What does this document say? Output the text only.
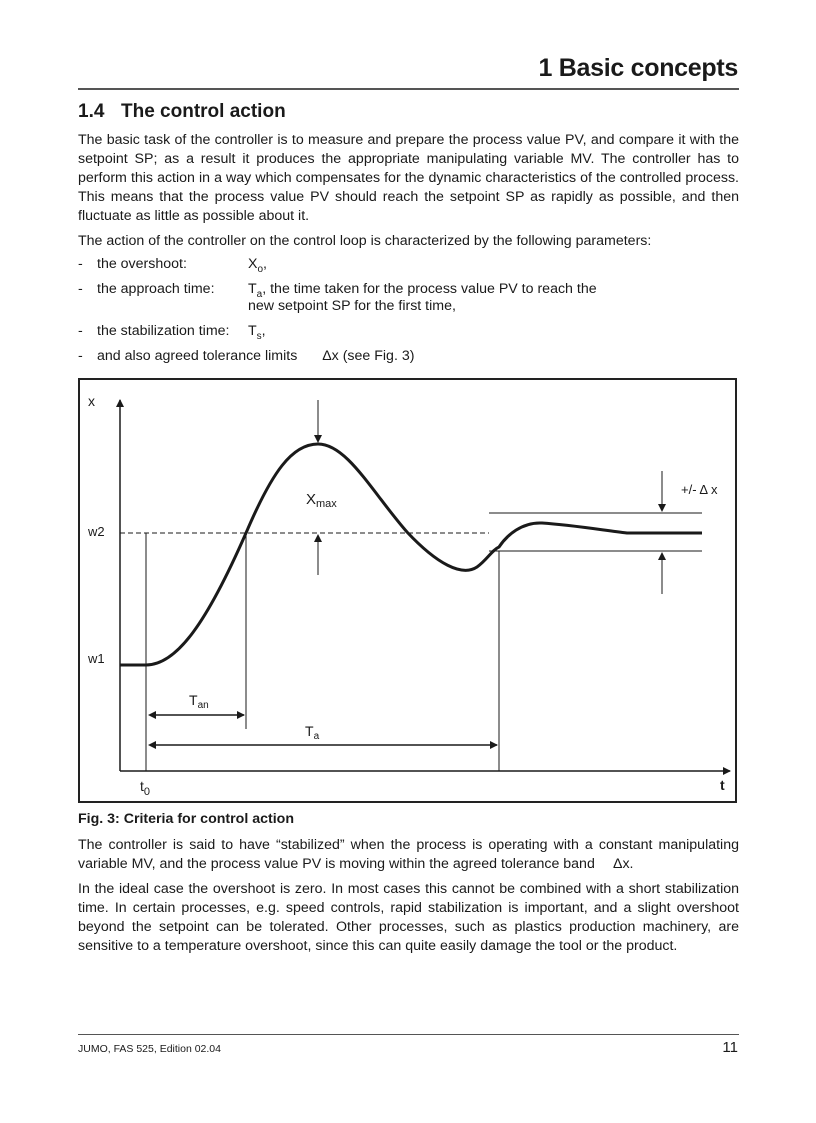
1 Basic concepts
1.4 The control action
The basic task of the controller is to measure and prepare the process value PV, and compare it with the setpoint SP; as a result it produces the appropriate manipulating variable MV. The controller has to perform this action in a way which compensates for the dynamic characteristics of the controlled process. This means that the process value PV should reach the setpoint SP as rapidly as possible, and then fluctuate as little as possible about it.
The action of the controller on the control loop is characterized by the following parameters:
- the overshoot:	$X_o$,
- the approach time: $T_a$, the time taken for the process value PV to reach the
new setpoint SP for the first time,
- the stabilization time: $T_s$,
- and also agreed tolerance limits  Δx (see Fig. 3)
x
t
w2
w1
$t_0$
$X_{max}$
$T_{an}$
$T_a$
+/- Δ x
Fig. 3: Criteria for control action
The controller is said to have “stabilized” when the process is operating with a constant manipulating variable MV, and the process value PV is moving within the agreed tolerance band  Δx.
In the ideal case the overshoot is zero. In most cases this cannot be combined with a short stabilization time. In certain processes, e.g. speed controls, rapid stabilization is important, and a slight overshoot beyond the setpoint can be tolerated. Other processes, such as plastics production machinery, are sensitive to a temperature overshoot, since this can quite easily damage the tool or the product.
JUMO, FAS 525, Edition 02.04	11
